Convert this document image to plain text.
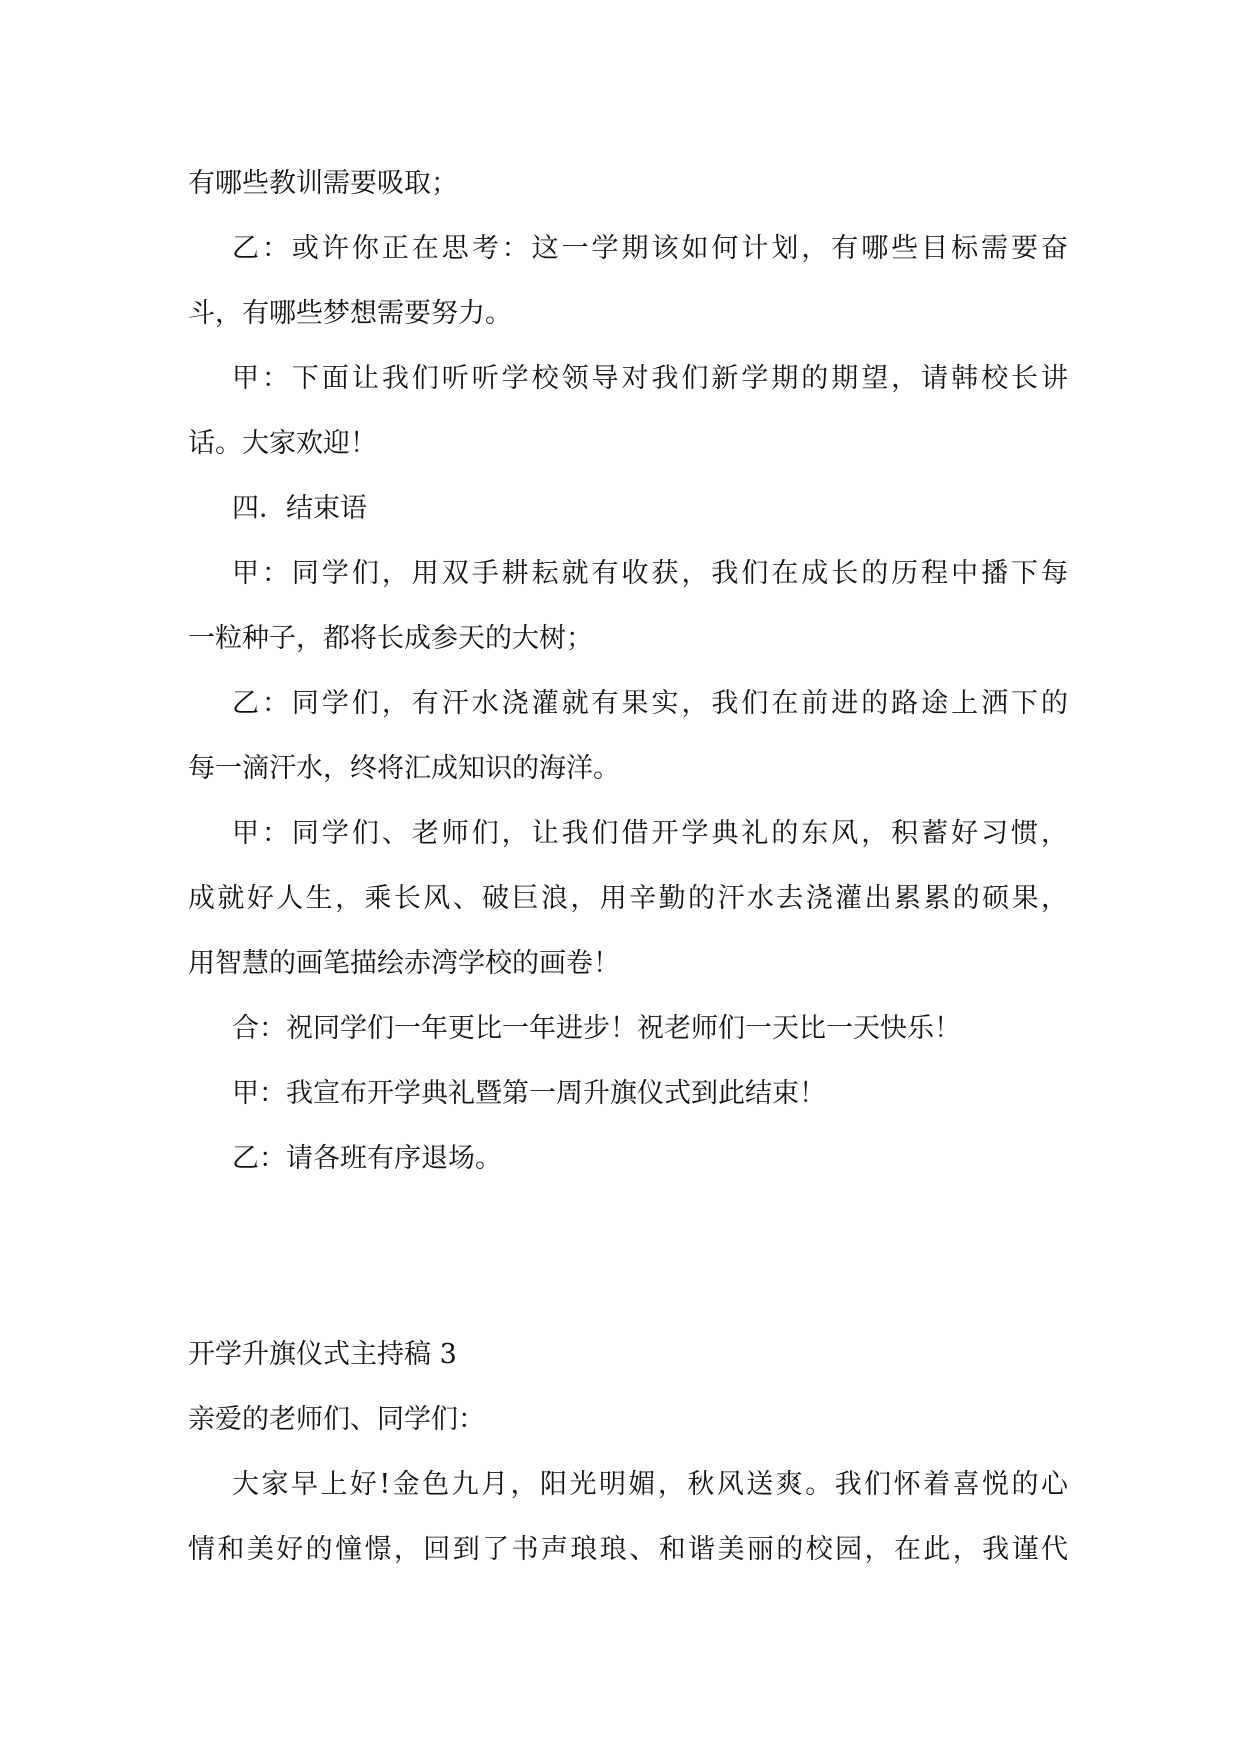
有哪些教训需要吸取；
乙：或许你正在思考：这一学期该如何计划，有哪些目标需要奋
斗，有哪些梦想需要努力。
甲：下面让我们听听学校领导对我们新学期的期望，请韩校长讲
话。大家欢迎！
四．结束语
甲：同学们，用双手耕耘就有收获，我们在成长的历程中播下每
一粒种子，都将长成参天的大树；
乙：同学们，有汗水浇灌就有果实，我们在前进的路途上洒下的
每一滴汗水，终将汇成知识的海洋。
甲：同学们、老师们，让我们借开学典礼的东风，积蓄好习惯，
成就好人生，乘长风、破巨浪，用辛勤的汗水去浇灌出累累的硕果，
用智慧的画笔描绘赤湾学校的画卷！
合：祝同学们一年更比一年进步！祝老师们一天比一天快乐！
甲：我宣布开学典礼暨第一周升旗仪式到此结束！
乙：请各班有序退场。
开学升旗仪式主持稿 3
亲爱的老师们、同学们：
大家早上好!金色九月，阳光明媚，秋风送爽。我们怀着喜悦的心
情和美好的憧憬，回到了书声琅琅、和谐美丽的校园，在此，我谨代
